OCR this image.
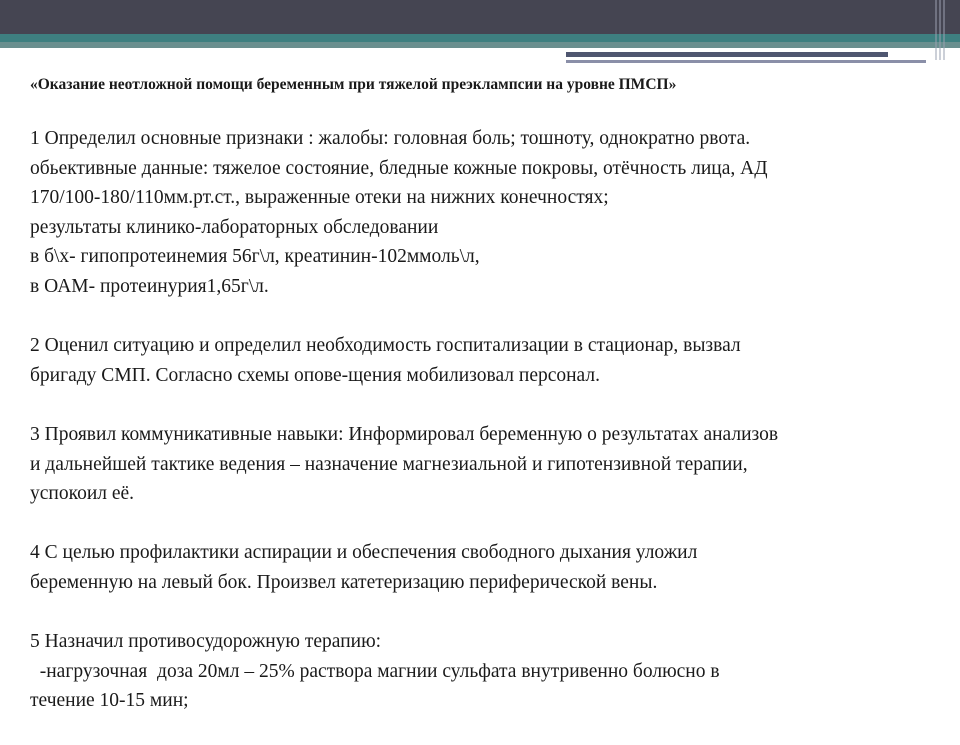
«Оказание неотложной помощи беременным при тяжелой преэклампсии на уровне ПМСП»
1 Определил основные признаки : жалобы: головная боль; тошноту, однократно рвота.
обьективные данные: тяжелое состояние, бледные кожные покровы, отёчность лица, АД
170/100-180/110мм.рт.ст., выраженные отеки на нижних конечностях;
результаты клинико-лабораторных обследовании
в б\х- гипопротеинемия 56г\л, креатинин-102ммоль\л,
в ОАМ- протеинурия1,65г\л.
2 Оценил ситуацию и определил необходимость госпитализации в стационар, вызвал
бригаду СМП. Согласно схемы опове-щения мобилизовал персонал.
3 Проявил коммуникативные навыки: Информировал беременную о результатах анализов
и дальнейшей тактике ведения – назначение магнезиальной и гипотензивной терапии,
успокоил её.
4 С целью профилактики аспирации и обеспечения свободного дыхания уложил
беременную на левый бок. Произвел катетеризацию периферической вены.
5 Назначил противосудорожную терапию:
-нагрузочная  доза 20мл – 25% раствора магнии сульфата внутривенно болюсно в
течение 10-15 мин;
